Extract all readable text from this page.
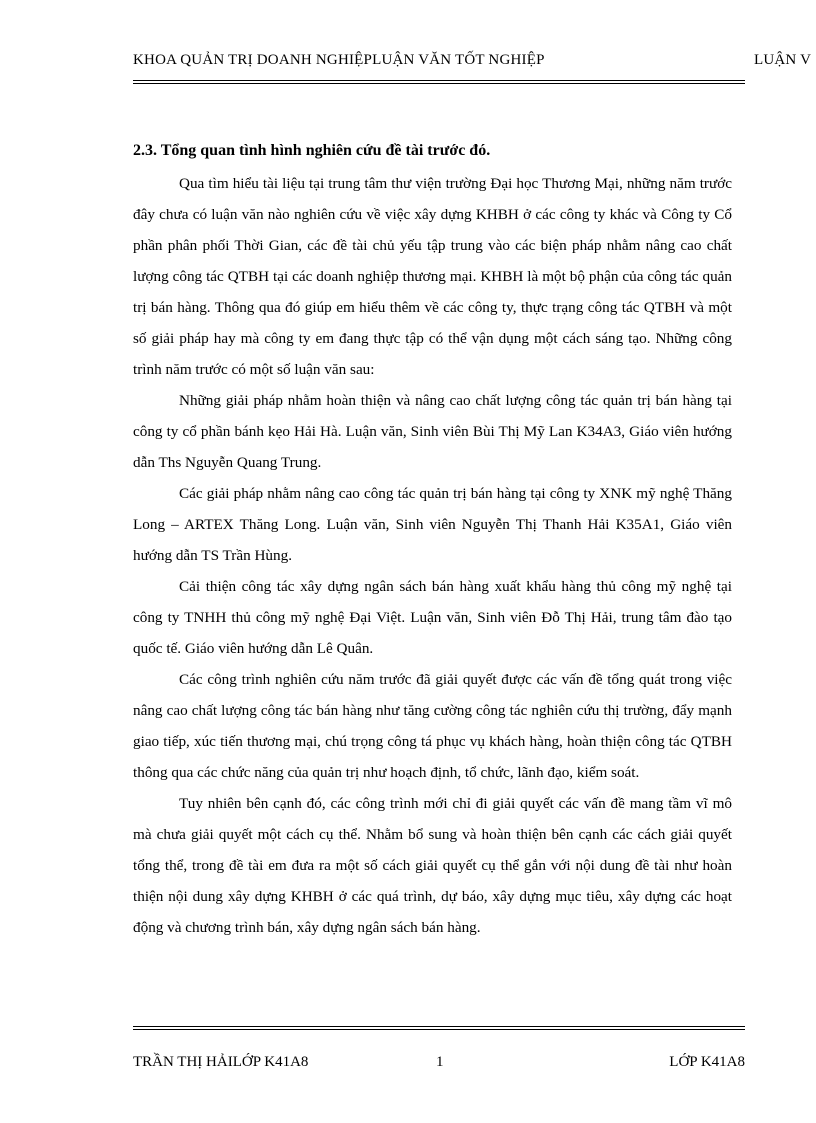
KHOA QUẢN TRỊ DOANH NGHIỆPLUẬN VĂN TỐT NGHIỆP	LUẬN V
2.3. Tổng quan tình hình nghiên cứu đề tài trước đó.

Qua tìm hiểu tài liệu tại trung tâm thư viện trường Đại học Thương Mại, những năm trước đây chưa có luận văn nào nghiên cứu về việc xây dựng KHBH ở các công ty khác và Công ty Cổ phần phân phối Thời Gian, các đề tài chủ yếu tập trung vào các biện pháp nhằm nâng cao chất lượng công tác QTBH tại các doanh nghiệp thương mại. KHBH là một bộ phận của công tác quản trị bán hàng. Thông qua đó giúp em hiểu thêm về các công ty, thực trạng công tác QTBH và một số giải pháp hay mà công ty em đang thực tập có thể vận dụng một cách sáng tạo. Những công trình năm trước có một số luận văn sau:

Những giải pháp nhằm hoàn thiện và nâng cao chất lượng công tác quản trị bán hàng tại công ty cổ phần bánh kẹo Hải Hà. Luận văn, Sinh viên Bùi Thị Mỹ Lan K34A3, Giáo viên hướng dẫn Ths Nguyễn Quang Trung.

Các giải pháp nhằm nâng cao công tác quản trị bán hàng tại công ty XNK mỹ nghệ Thăng Long – ARTEX Thăng Long. Luận văn, Sinh viên Nguyễn Thị Thanh Hải K35A1, Giáo viên hướng dẫn TS Trần Hùng.

Cải thiện công tác xây dựng ngân sách bán hàng xuất khẩu hàng thủ công mỹ nghệ tại công ty TNHH thủ công mỹ nghệ Đại Việt. Luận văn, Sinh viên Đỗ Thị Hải, trung tâm đào tạo quốc tế. Giáo viên hướng dẫn Lê Quân.

Các công trình nghiên cứu năm trước đã giải quyết được các vấn đề tổng quát trong việc nâng cao chất lượng công tác bán hàng như tăng cường công tác nghiên cứu thị trường, đẩy mạnh giao tiếp, xúc tiến thương mại, chú trọng công tá phục vụ khách hàng, hoàn thiện công tác QTBH thông qua các chức năng của quản trị như hoạch định, tổ chức, lãnh đạo, kiểm soát.

Tuy nhiên bên cạnh đó, các công trình mới chỉ đi giải quyết các vấn đề mang tầm vĩ mô mà chưa giải quyết một cách cụ thể. Nhằm bổ sung và hoàn thiện bên cạnh các cách giải quyết tổng thể, trong đề tài em đưa ra một số cách giải quyết cụ thể gắn với nội dung đề tài như hoàn thiện nội dung xây dựng KHBH ở các quá trình, dự báo, xây dựng mục tiêu, xây dựng các hoạt động và chương trình bán, xây dựng ngân sách bán hàng.

TRẦN THỊ HẢILỚP K41A8	1	LỚP K41A8
